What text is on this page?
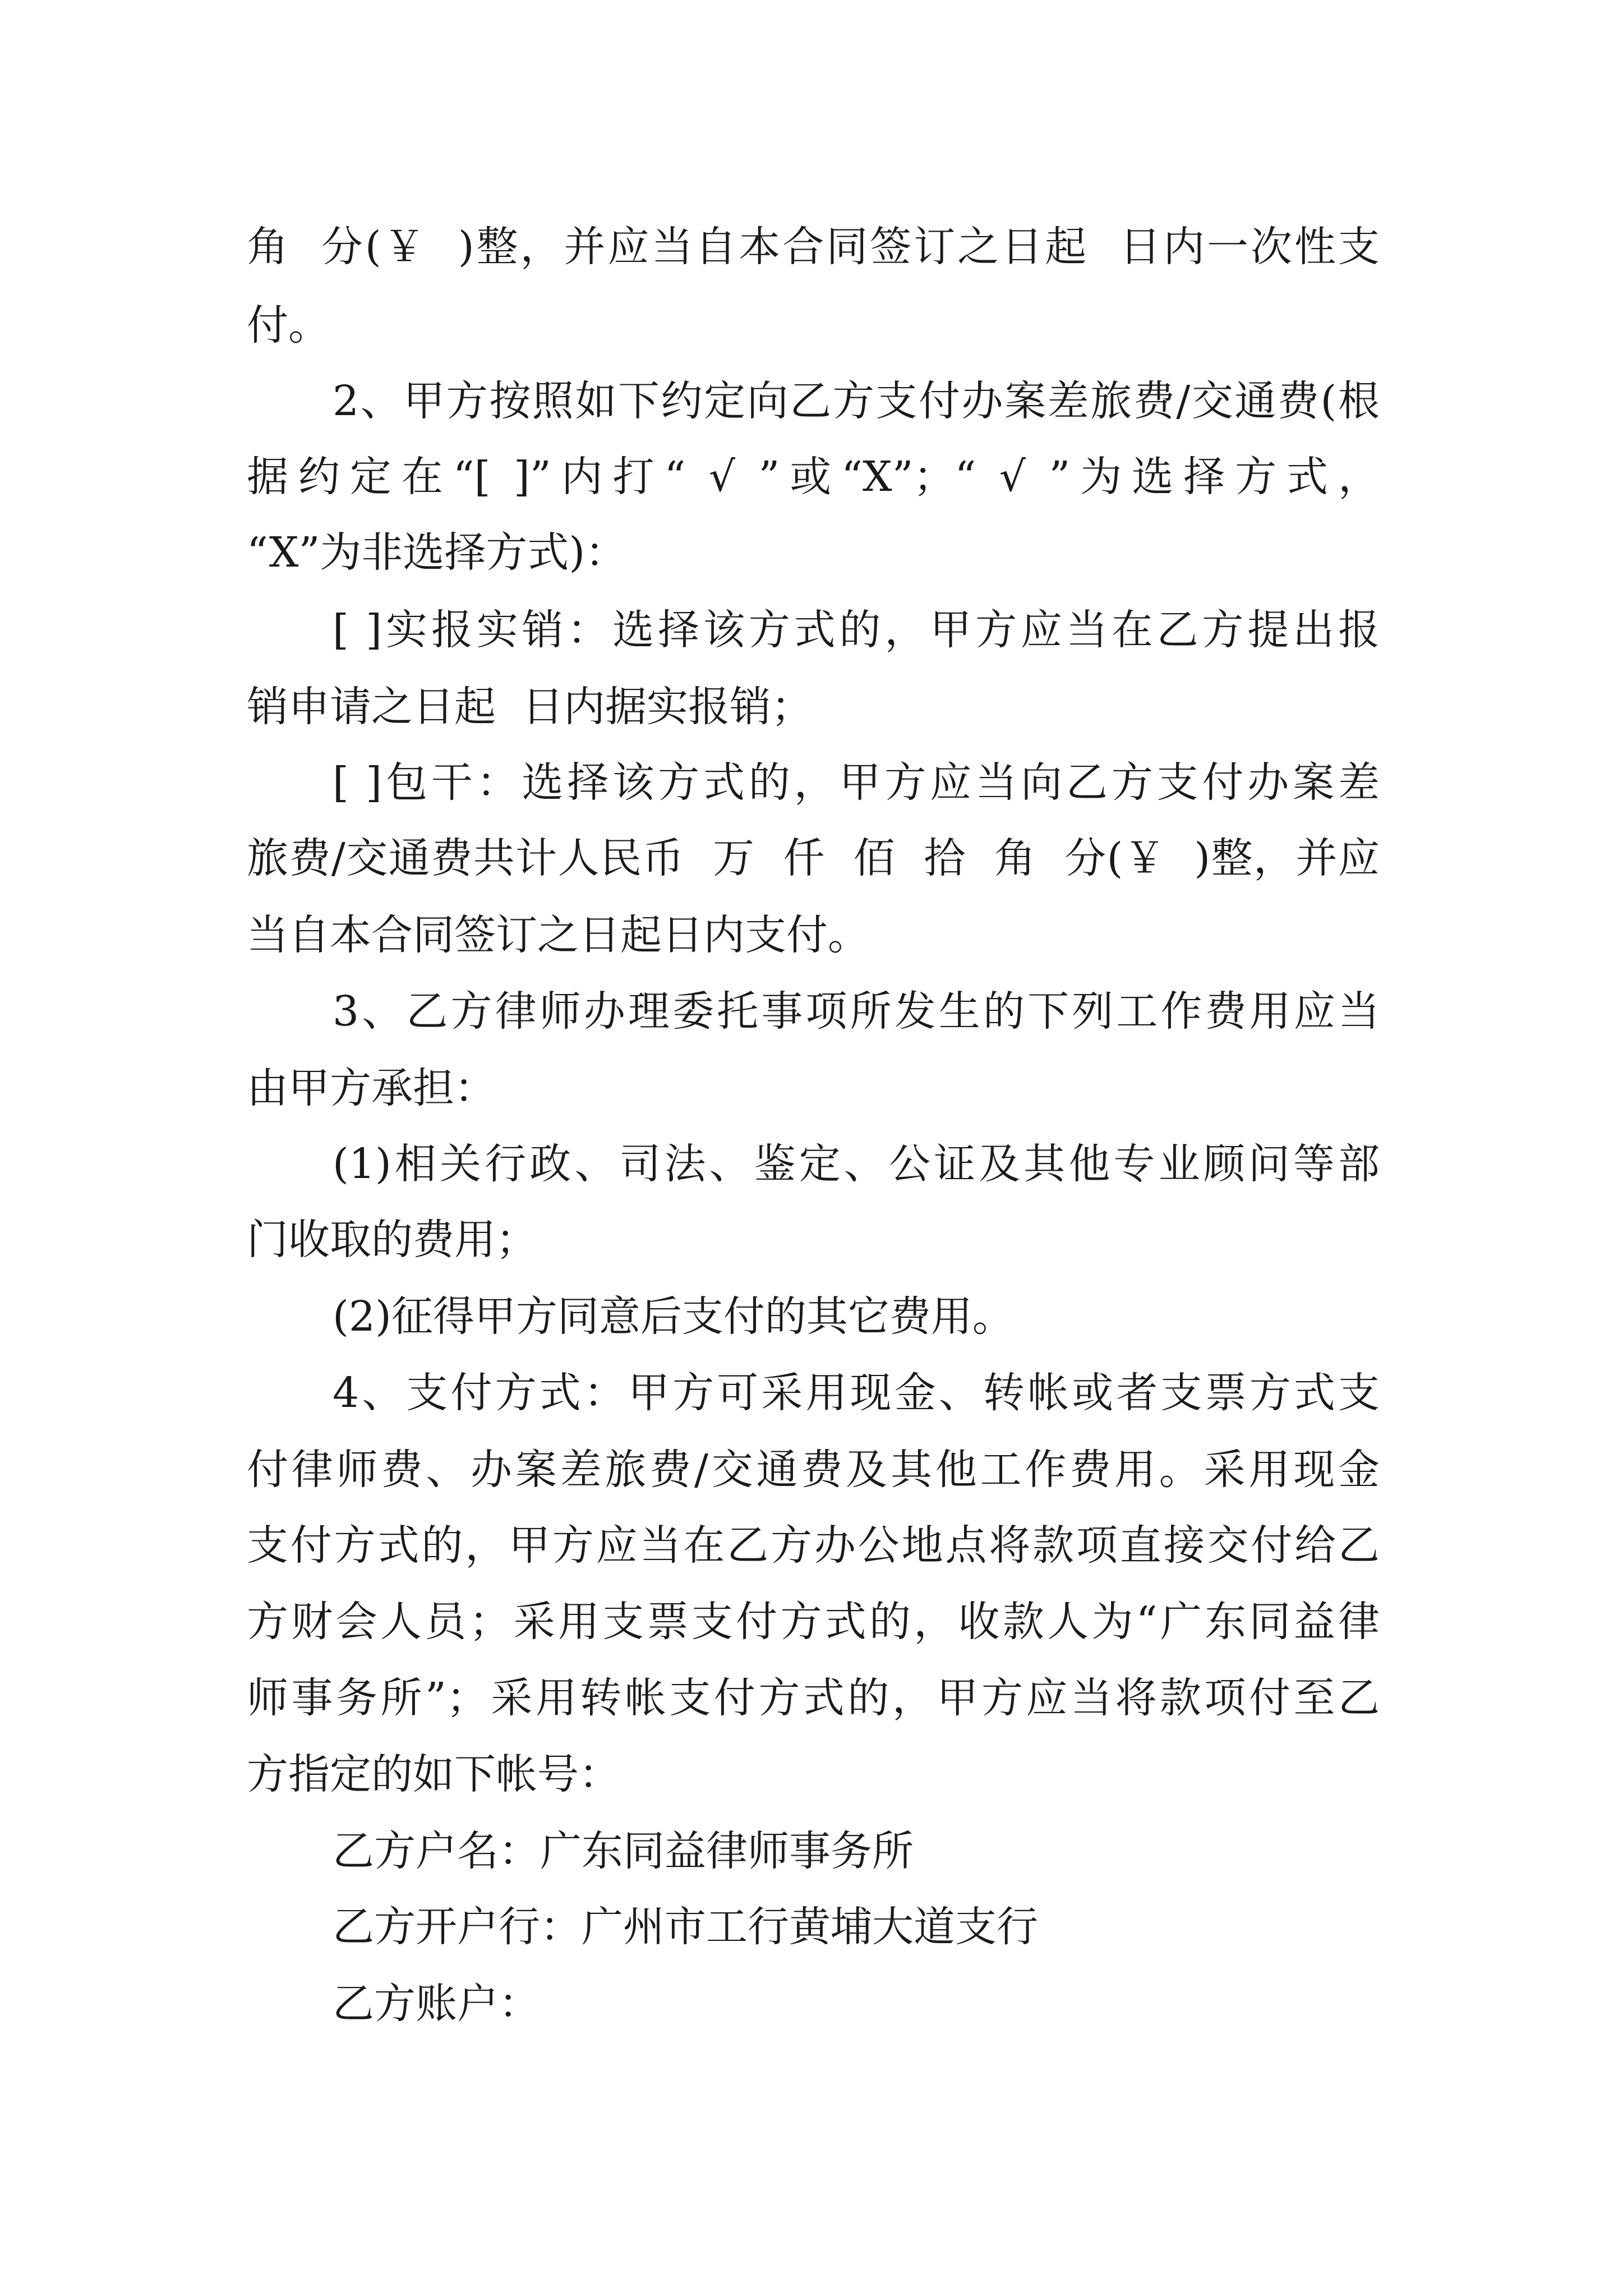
角  分(￥  )整，并应当自本合同签订之日起  日内一次性支
付。
2、甲方按照如下约定向乙方支付办案差旅费/交通费(根
据约定在“[ ]”内打“ √ ”或“X”；“ √ ”为选择方式，
“X”为非选择方式)：
[ ]实报实销：选择该方式的，甲方应当在乙方提出报
销申请之日起  日内据实报销；
[ ]包干：选择该方式的，甲方应当向乙方支付办案差
旅费/交通费共计人民币  万  仟  佰  拾  角  分(￥  )整，并应
当自本合同签订之日起日内支付。
3、乙方律师办理委托事项所发生的下列工作费用应当
由甲方承担：
(1)相关行政、司法、鉴定、公证及其他专业顾问等部
门收取的费用；
(2)征得甲方同意后支付的其它费用。
4、支付方式：甲方可采用现金、转帐或者支票方式支
付律师费、办案差旅费/交通费及其他工作费用。采用现金
支付方式的，甲方应当在乙方办公地点将款项直接交付给乙
方财会人员；采用支票支付方式的，收款人为“广东同益律
师事务所”；采用转帐支付方式的，甲方应当将款项付至乙
方指定的如下帐号：
乙方户名：广东同益律师事务所
乙方开户行：广州市工行黄埔大道支行
乙方账户：
